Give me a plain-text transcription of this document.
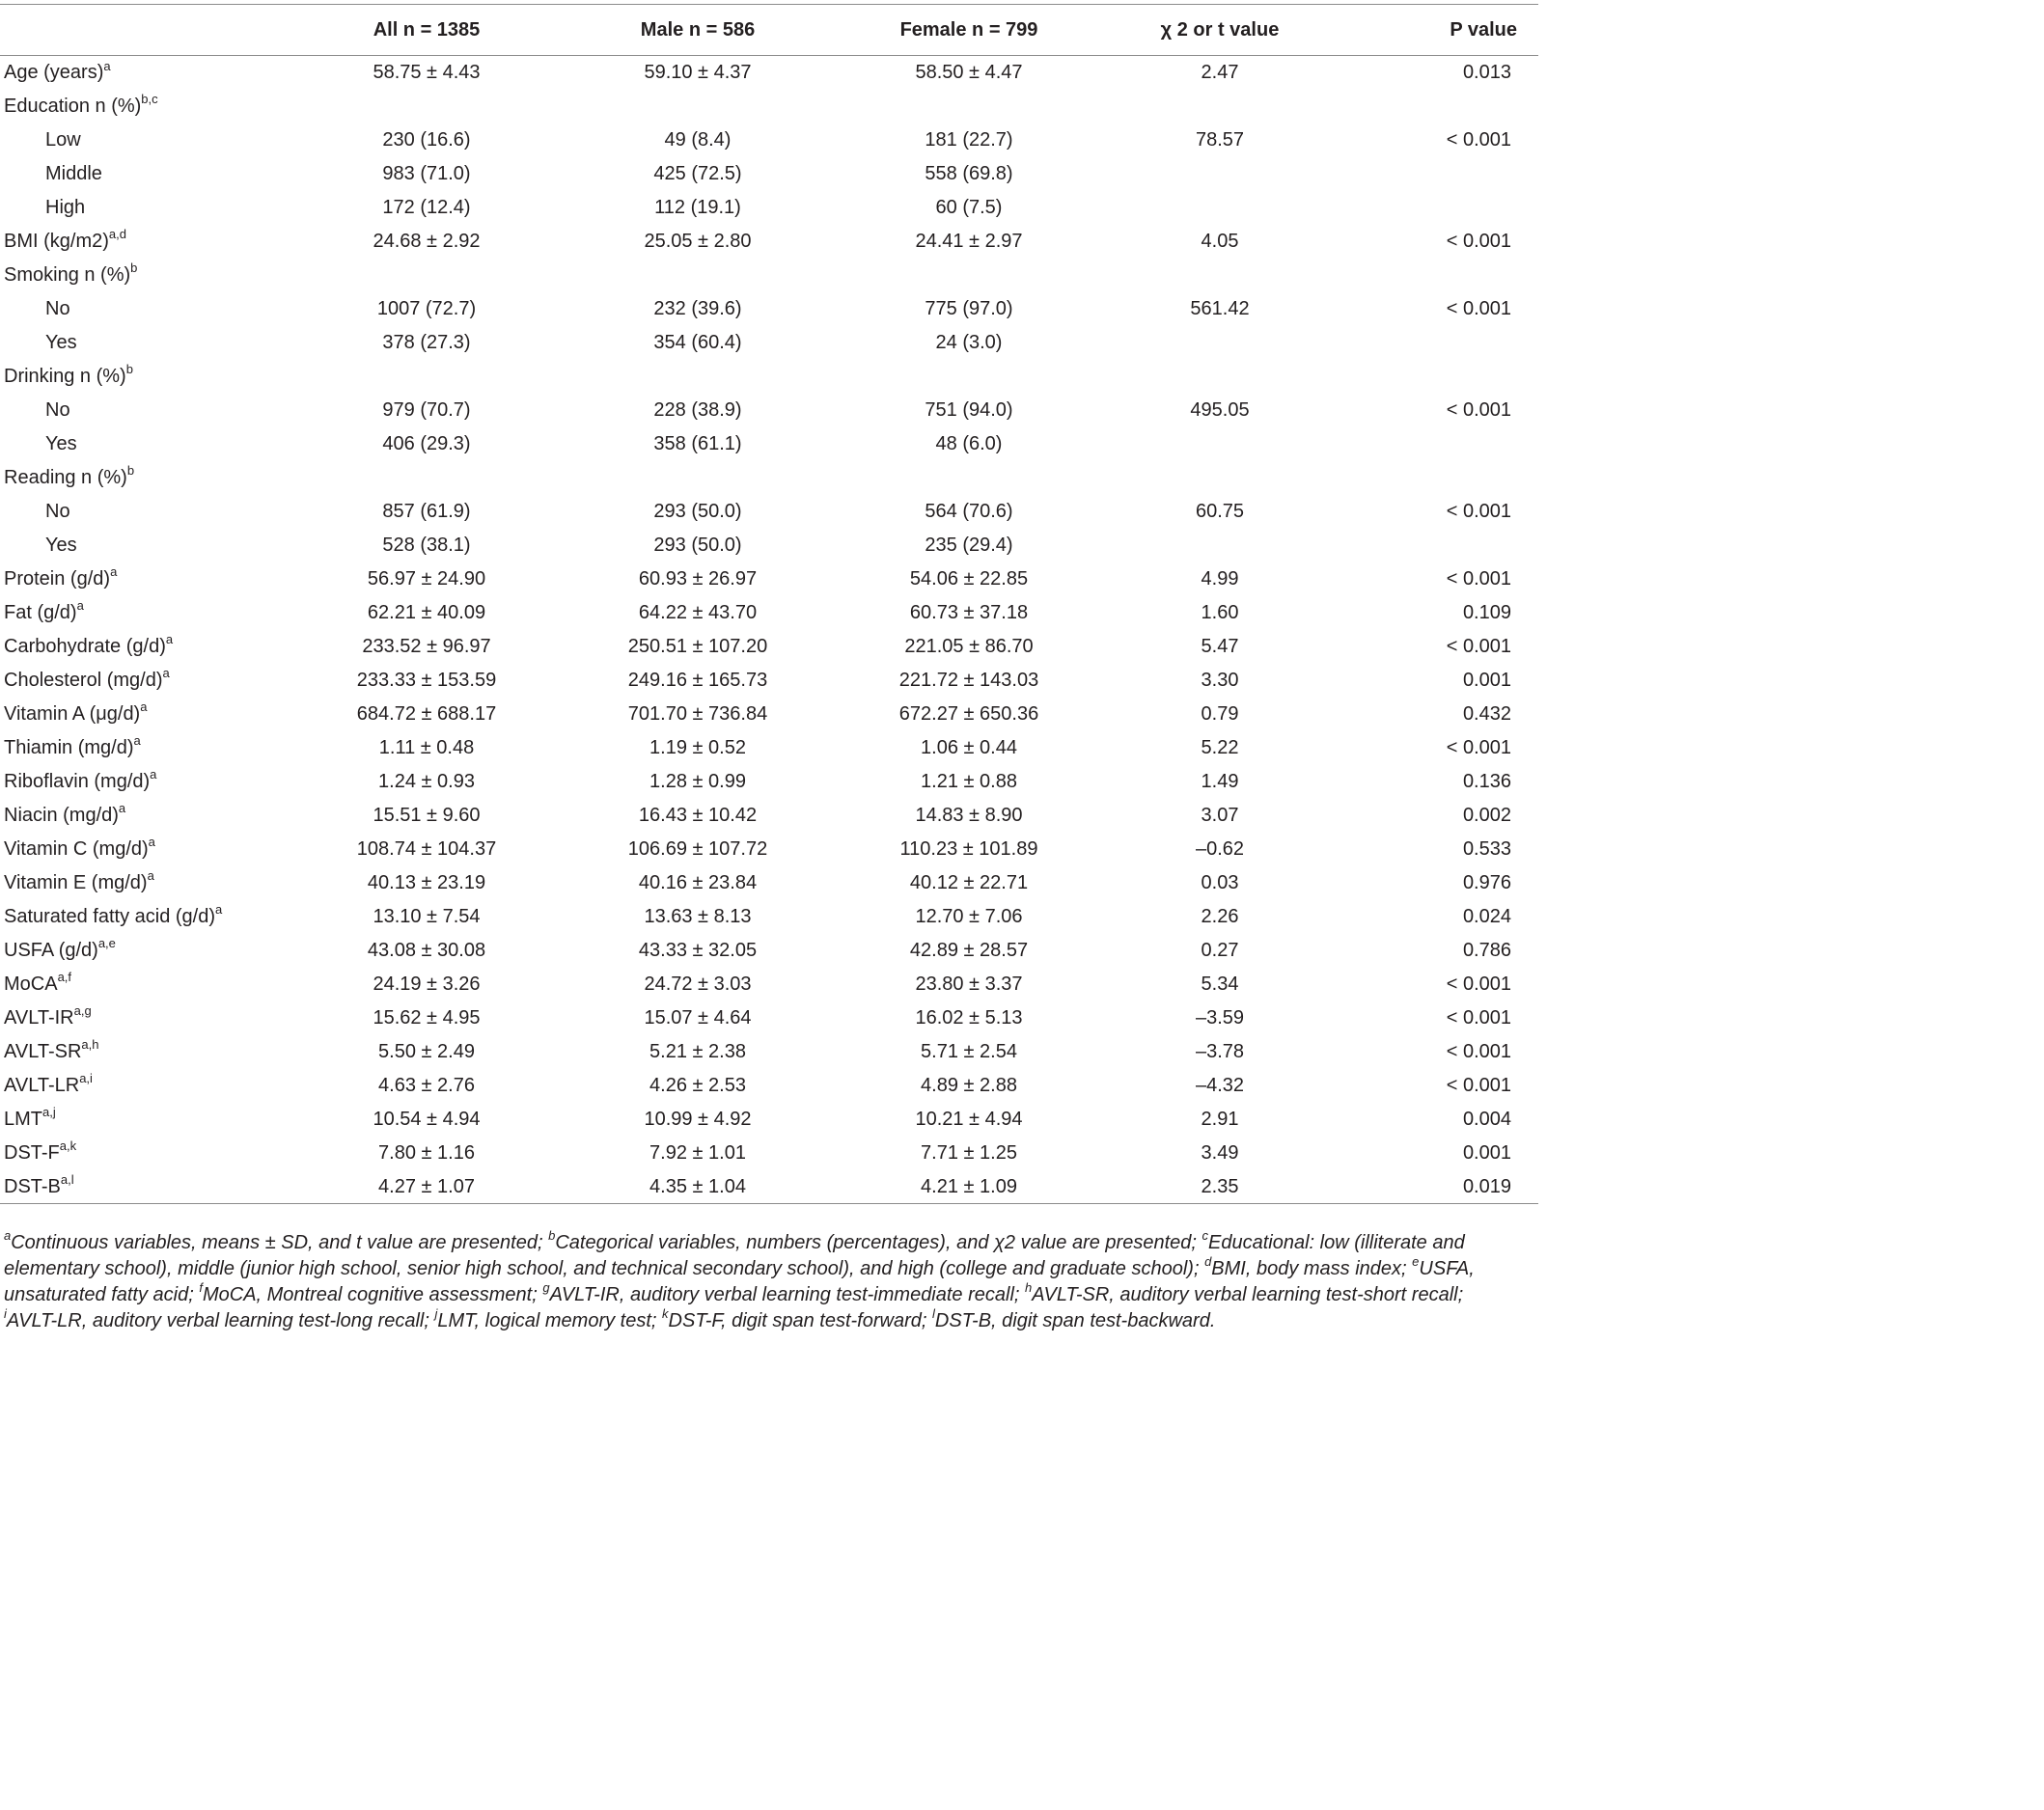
	All n = 1385	Male n = 586	Female n = 799	χ 2 or t value	P value
Age (years)$^a$	58.75 ± 4.43	59.10 ± 4.37	58.50 ± 4.47	2.47	0.013
Education n (%)$^{b,c}$					
Low	230 (16.6)	49 (8.4)	181 (22.7)	78.57	< 0.001
Middle	983 (71.0)	425 (72.5)	558 (69.8)		
High	172 (12.4)	112 (19.1)	60 (7.5)		
BMI $(kg/m2)^{a,d}$	24.68 ± 2.92	25.05 ± 2.80	24.41 ± 2.97	4.05	< 0.001
Smoking n (%)$^b$					
No	1007 (72.7)	232 (39.6)	775 (97.0)	561.42	< 0.001
Yes	378 (27.3)	354 (60.4)	24 (3.0)		
Drinking n (%)$^b$					
No	979 (70.7)	228 (38.9)	751 (94.0)	495.05	< 0.001
Yes	406 (29.3)	358 (61.1)	48 (6.0)		
Reading n (%)$^b$					
No	857 (61.9)	293 (50.0)	564 (70.6)	60.75	< 0.001
Yes	528 (38.1)	293 (50.0)	235 (29.4)		
Protein $(g/d)^a$	56.97 ± 24.90	60.93 ± 26.97	54.06 ± 22.85	4.99	< 0.001
Fat $(g/d)^a$	62.21 ± 40.09	64.22 ± 43.70	60.73 ± 37.18	1.60	0.109
Carbohydrate $(g/d)^a$	233.52 ± 96.97	250.51 ± 107.20	221.05 ± 86.70	5.47	< 0.001
Cholesterol $(mg/d)^a$	233.33 ± 153.59	249.16 ± 165.73	221.72 ± 143.03	3.30	0.001
Vitamin A $(\mu g/d)^a$	684.72 ± 688.17	701.70 ± 736.84	672.27 ± 650.36	0.79	0.432
Thiamin $(mg/d)^a$	1.11 ± 0.48	1.19 ± 0.52	1.06 ± 0.44	5.22	< 0.001
Riboflavin $(mg/d)^a$	1.24 ± 0.93	1.28 ± 0.99	1.21 ± 0.88	1.49	0.136
Niacin $(mg/d)^a$	15.51 ± 9.60	16.43 ± 10.42	14.83 ± 8.90	3.07	0.002
Vitamin C $(mg/d)^a$	108.74 ± 104.37	106.69 ± 107.72	110.23 ± 101.89	–0.62	0.533
Vitamin E $(mg/d)^a$	40.13 ± 23.19	40.16 ± 23.84	40.12 ± 22.71	0.03	0.976
Saturated fatty acid $(g/d)^a$	13.10 ± 7.54	13.63 ± 8.13	12.70 ± 7.06	2.26	0.024
USFA $(g/d)^{a,e}$	43.08 ± 30.08	43.33 ± 32.05	42.89 ± 28.57	0.27	0.786
MoCA$^{a,f}$	24.19 ± 3.26	24.72 ± 3.03	23.80 ± 3.37	5.34	< 0.001
AVLT-IR$^{a,g}$	15.62 ± 4.95	15.07 ± 4.64	16.02 ± 5.13	–3.59	< 0.001
AVLT-SR$^{a,h}$	5.50 ± 2.49	5.21 ± 2.38	5.71 ± 2.54	–3.78	< 0.001
AVLT-LR$^{a,i}$	4.63 ± 2.76	4.26 ± 2.53	4.89 ± 2.88	–4.32	< 0.001
LMT$^{a,j}$	10.54 ± 4.94	10.99 ± 4.92	10.21 ± 4.94	2.91	0.004
DST-$F^{a,k}$	7.80 ± 1.16	7.92 ± 1.01	7.71 ± 1.25	3.49	0.001
DST-$B^{a,l}$	4.27 ± 1.07	4.35 ± 1.04	4.21 ± 1.09	2.35	0.019
$^a$Continuous variables, means ± SD, and t value are presented; $^b$Categorical variables, numbers (percentages), and χ2 value are presented; $^c$Educational: low (illiterate and elementary school), middle (junior high school, senior high school, and technical secondary school), and high (college and graduate school); $^d$BMI, body mass index; $^e$USFA, unsaturated fatty acid; $^f$MoCA, Montreal cognitive assessment; $^g$AVLT-IR, auditory verbal learning test-immediate recall; $^h$AVLT-SR, auditory verbal learning test-short recall; $^i$AVLT-LR, auditory verbal learning test-long recall; $^j$LMT, logical memory test; $^k$DST-F, digit span test-forward; $^l$DST-B, digit span test-backward.
